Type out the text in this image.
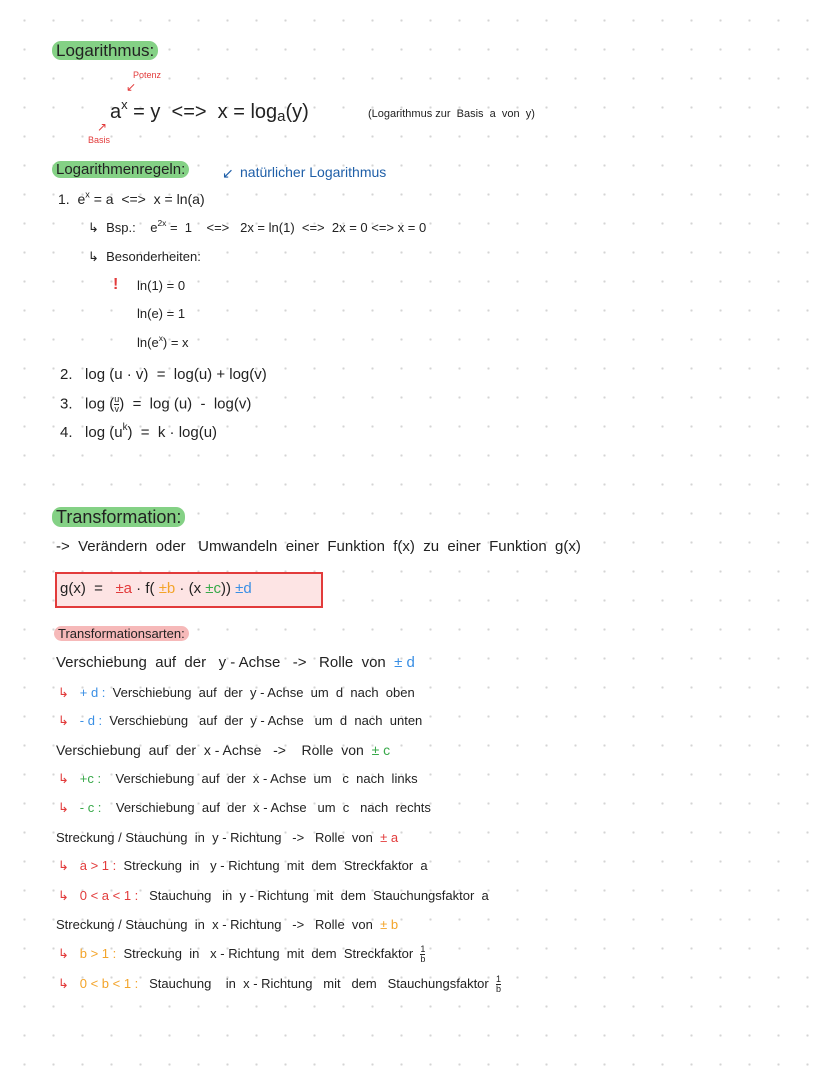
Logarithmus:
Potenz
↙
$a^x = y$  <=>  $x = \log_a(y)$	(Logarithmus zur  Basis  a  von  y)
↗
Basis
Logarithmenregeln:	↙ natürlicher Logarithmus
1. $e^x = a$  <=>  x = ln(a)
↳ Bsp.: $e^{2x} = 1$    <=>   2x = ln(1)  <=>  2x = 0 <=> x = 0
↳ Besonderheiten:
! ln(1) = 0
ln(e) = 1
$\ln(e^x) = x$
2. log (u · v)  =  log(u) + log(v)
3. log ( $\frac{u}{v}$ )  =  log (u)  -  log(v)
4. $\log (u^k) = k \cdot \log(u)$
Transformation:
->  Verändern  oder   Umwandeln  einer  Funktion  f(x)  zu  einer  Funktion  g(x)
g(x)  =   ±a · f( ±b · (x ±c)) ±d
Transformationsarten:
Verschiebung  auf  der   y - Achse   ->   Rolle  von  ± d
↳ + d :  Verschiebung  auf  der  y - Achse  um  d  nach  oben
↳ - d :  Verschiebung   auf  der  y - Achse   um  d  nach  unten
Verschiebung  auf  der  x - Achse   ->    Rolle  von  ± c
↳ +c :    Verschiebung  auf  der  x - Achse  um   c  nach  links
↳ - c :    Verschiebung  auf  der  x - Achse   um  c   nach  rechts
Streckung / Stauchung  in  y - Richtung   ->   Rolle  von  ± a
↳ a > 1 :  Streckung  in   y - Richtung  mit  dem  Streckfaktor  a
↳ 0 < a < 1 :   Stauchung   in  y - Richtung  mit  dem  Stauchungsfaktor  a
Streckung / Stauchung  in  x - Richtung   ->   Rolle  von  ± b
↳ b > 1 :  Streckung  in   x - Richtung  mit  dem  Streckfaktor $\frac{1}{b}$
↳ 0 < b < 1 :   Stauchung    in  x - Richtung   mit   dem   Stauchungsfaktor $\frac{1}{b}$
